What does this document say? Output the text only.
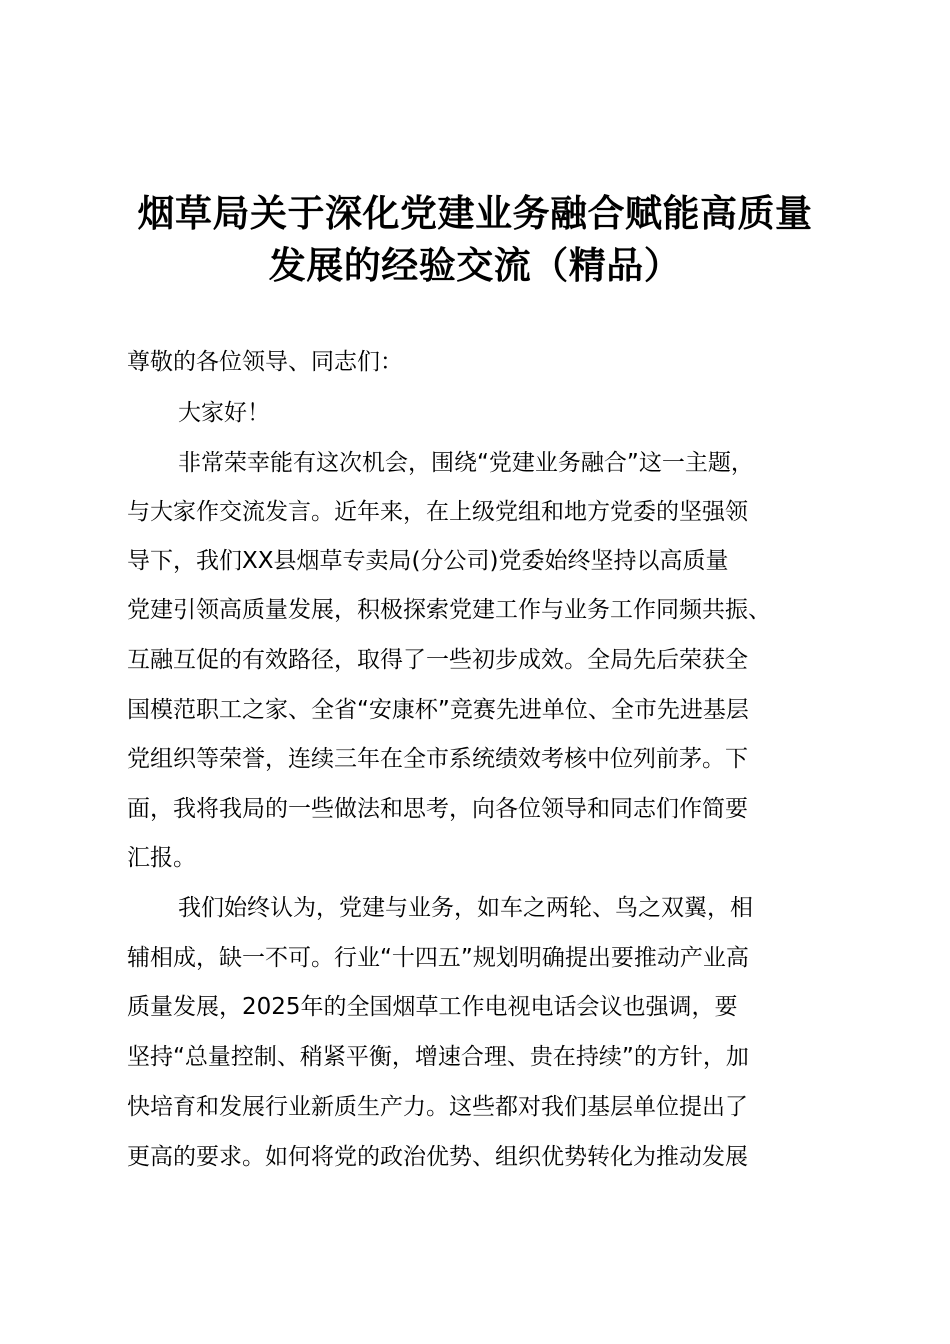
烟草局关于深化党建业务融合赋能高质量
发展的经验交流（精品）

尊敬的各位领导、同志们：

大家好！

非常荣幸能有这次机会，围绕“党建业务融合”这一主题，

与大家作交流发言。近年来，在上级党组和地方党委的坚强领

导下，我们XX县烟草专卖局(分公司)党委始终坚持以高质量

党建引领高质量发展，积极探索党建工作与业务工作同频共振、

互融互促的有效路径，取得了一些初步成效。全局先后荣获全

国模范职工之家、全省“安康杯”竞赛先进单位、全市先进基层

党组织等荣誉，连续三年在全市系统绩效考核中位列前茅。下

面，我将我局的一些做法和思考，向各位领导和同志们作简要

汇报。

我们始终认为，党建与业务，如车之两轮、鸟之双翼，相

辅相成，缺一不可。行业“十四五”规划明确提出要推动产业高

质量发展，2025年的全国烟草工作电视电话会议也强调，要

坚持“总量控制、稍紧平衡，增速合理、贵在持续”的方针，加

快培育和发展行业新质生产力。这些都对我们基层单位提出了

更高的要求。如何将党的政治优势、组织优势转化为推动发展
